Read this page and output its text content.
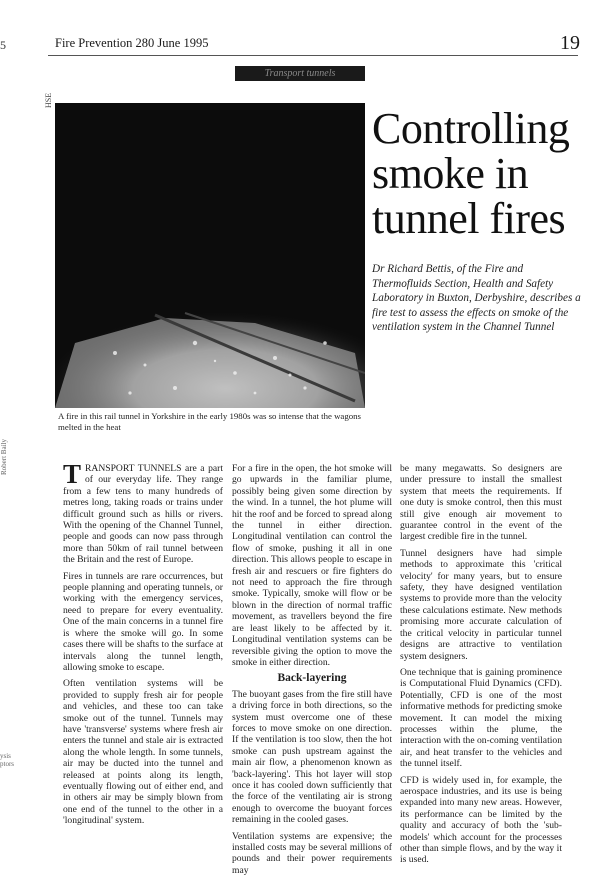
5	Fire Prevention 280 June 1995	19
Transport tunnels
HSE
A fire in this rail tunnel in Yorkshire in the early 1980s was so intense that the wagons melted in the heat
Controlling smoke in tunnel fires
Dr Richard Bettis, of the Fire and Thermofluids Section, Health and Safety Laboratory in Buxton, Derbyshire, describes a fire test to assess the effects on smoke of the ventilation system in the Channel Tunnel
Robert Baily
ysis
ptors

TRANSPORT TUNNELS are a part of our everyday life. They range from a few tens to many hundreds of metres long, taking roads or trains under difficult ground such as hills or rivers. With the opening of the Channel Tunnel, people and goods can now pass through more than 50km of rail tunnel between the Britain and the rest of Europe.

Fires in tunnels are rare occurrences, but people planning and operating tunnels, or working with the emergency services, need to prepare for every eventuality. One of the main concerns in a tunnel fire is where the smoke will go. In some cases there will be shafts to the surface at intervals along the tunnel length, allowing smoke to escape.

Often ventilation systems will be provided to supply fresh air for people and vehicles, and these too can take smoke out of the tunnel. Tunnels may have 'transverse' systems where fresh air enters the tunnel and stale air is extracted along the whole length. In some tunnels, air may be ducted into the tunnel and released at points along its length, eventually flowing out of either end, and in others air may be simply blown from one end of the tunnel to the other in a 'longitudinal' system.

For a fire in the open, the hot smoke will go upwards in the familiar plume, possibly being given some direction by the wind. In a tunnel, the hot plume will hit the roof and be forced to spread along the tunnel in either direction. Longitudinal ventilation can control the flow of smoke, pushing it all in one direction. This allows people to escape in fresh air and rescuers or fire fighters do not need to approach the fire through smoke. Typically, smoke will flow or be blown in the direction of normal traffic movement, as travellers beyond the fire are least likely to be affected by it. Longitudinal ventilation systems can be reversible giving the option to move the smoke in either direction.

Back-layering

The buoyant gases from the fire still have a driving force in both directions, so the system must overcome one of these forces to move smoke on one direction. If the ventilation is too slow, then the hot smoke can push upstream against the main air flow, a phenomenon known as 'back-layering'. This hot layer will stop once it has cooled down sufficiently that the force of the ventilating air is strong enough to overcome the buoyant forces remaining in the cooled gases.

Ventilation systems are expensive; the installed costs may be several millions of pounds and their power requirements may

be many megawatts. So designers are under pressure to install the smallest system that meets the requirements. If one duty is smoke control, then this must still give enough air movement to guarantee control in the event of the largest credible fire in the tunnel.

Tunnel designers have had simple methods to approximate this 'critical velocity' for many years, but to ensure safety, they have designed ventilation systems to provide more than the velocity these calculations estimate. New methods promising more accurate calculation of the critical velocity in particular tunnel designs are attractive to ventilation system designers.

One technique that is gaining prominence is Computational Fluid Dynamics (CFD). Potentially, CFD is one of the most informative methods for predicting smoke movement. It can model the mixing processes within the plume, the interaction with the on-coming ventilation air, and heat transfer to the vehicles and the tunnel itself.

CFD is widely used in, for example, the aerospace industries, and its use is being expanded into many new areas. However, its performance can be limited by the quality and accuracy of both the 'sub-models' which account for the processes other than simple flows, and by the way it is used.
